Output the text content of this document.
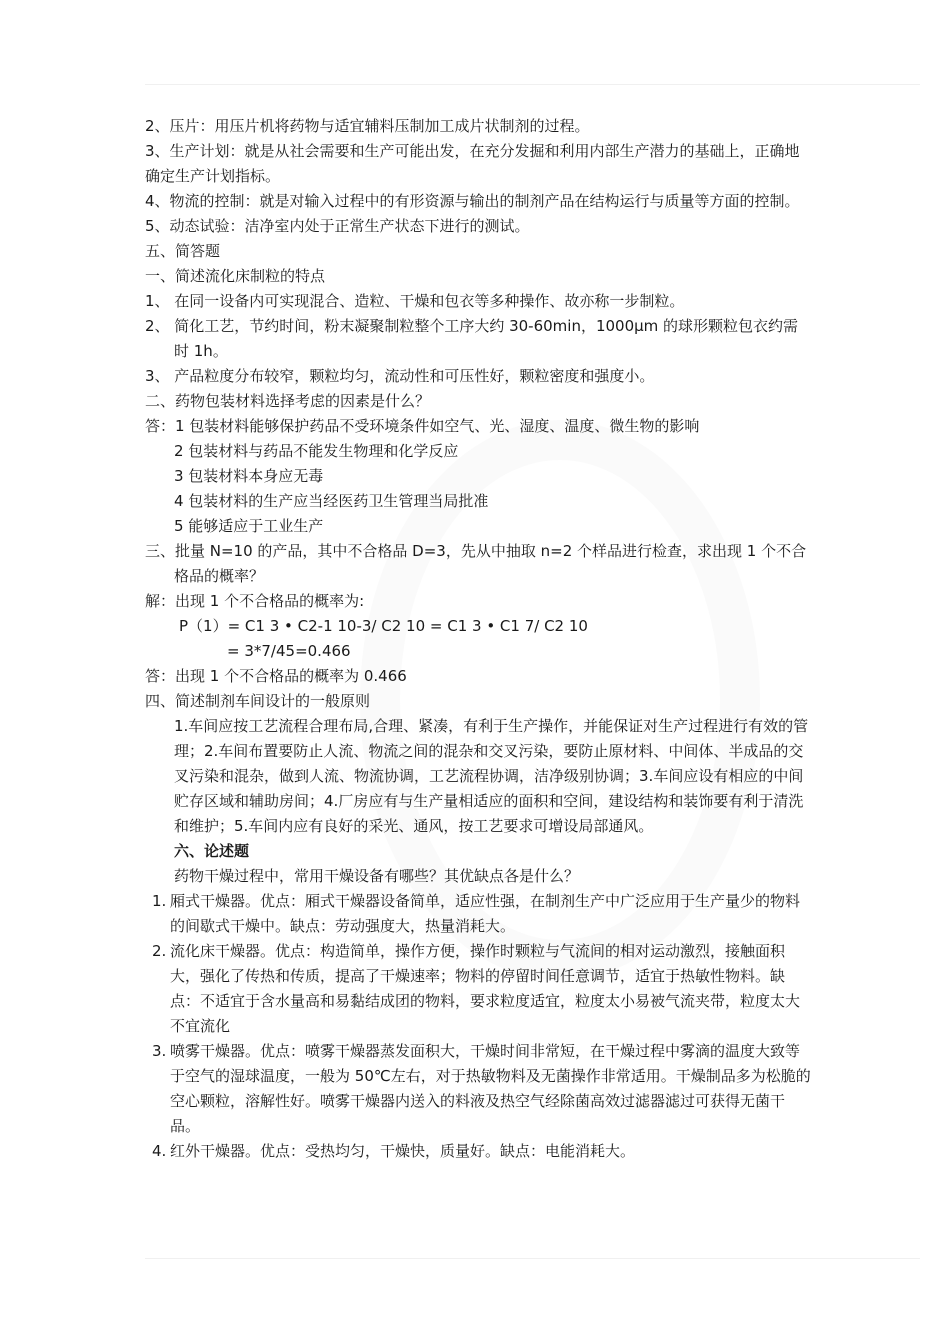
2、压片：用压片机将药物与适宜辅料压制加工成片状制剂的过程。

3、生产计划：就是从社会需要和生产可能出发，在充分发掘和利用内部生产潜力的基础上，正确地确定生产计划指标。

4、物流的控制：就是对输入过程中的有形资源与输出的制剂产品在结构运行与质量等方面的控制。

5、动态试验：洁净室内处于正常生产状态下进行的测试。

五、简答题

一、简述流化床制粒的特点

1、 在同一设备内可实现混合、造粒、干燥和包衣等多种操作、故亦称一步制粒。

2、 简化工艺，节约时间，粉末凝聚制粒整个工序大约 30-60min，1000μm 的球形颗粒包衣约需时 1h。

3、 产品粒度分布较窄，颗粒均匀，流动性和可压性好，颗粒密度和强度小。

二、药物包装材料选择考虑的因素是什么？

答：1 包装材料能够保护药品不受环境条件如空气、光、湿度、温度、微生物的影响

2 包装材料与药品不能发生物理和化学反应

3 包装材料本身应无毒

4 包装材料的生产应当经医药卫生管理当局批准

5 能够适应于工业生产

三、批量 N=10 的产品，其中不合格品 D=3，先从中抽取 n=2 个样品进行检查，求出现 1 个不合格品的概率？

解：出现 1 个不合格品的概率为:

P（1）= C1 3 • C2-1 10-3/ C2 10 = C1 3 • C1 7/ C2 10

= 3*7/45=0.466

答：出现 1 个不合格品的概率为 0.466

四、简述制剂车间设计的一般原则

1.车间应按工艺流程合理布局,合理、紧凑，有利于生产操作，并能保证对生产过程进行有效的管理；2.车间布置要防止人流、物流之间的混杂和交叉污染，要防止原材料、中间体、半成品的交叉污染和混杂，做到人流、物流协调，工艺流程协调，洁净级别协调；3.车间应设有相应的中间贮存区域和辅助房间；4.厂房应有与生产量相适应的面积和空间，建设结构和装饰要有利于清洗和维护；5.车间内应有良好的采光、通风，按工艺要求可增设局部通风。

六、论述题

药物干燥过程中，常用干燥设备有哪些？其优缺点各是什么？

1. 厢式干燥器。优点：厢式干燥器设备简单，适应性强，在制剂生产中广泛应用于生产量少的物料的间歇式干燥中。缺点：劳动强度大，热量消耗大。
2. 流化床干燥器。优点：构造简单，操作方便，操作时颗粒与气流间的相对运动激烈，接触面积大，强化了传热和传质，提高了干燥速率；物料的停留时间任意调节，适宜于热敏性物料。缺点：不适宜于含水量高和易黏结成团的物料，要求粒度适宜，粒度太小易被气流夹带，粒度太大不宜流化
3. 喷雾干燥器。优点：喷雾干燥器蒸发面积大，干燥时间非常短，在干燥过程中雾滴的温度大致等于空气的湿球温度，一般为 50℃左右，对于热敏物料及无菌操作非常适用。干燥制品多为松脆的空心颗粒，溶解性好。喷雾干燥器内送入的料液及热空气经除菌高效过滤器滤过可获得无菌干品。
4. 红外干燥器。优点：受热均匀，干燥快，质量好。缺点：电能消耗大。
